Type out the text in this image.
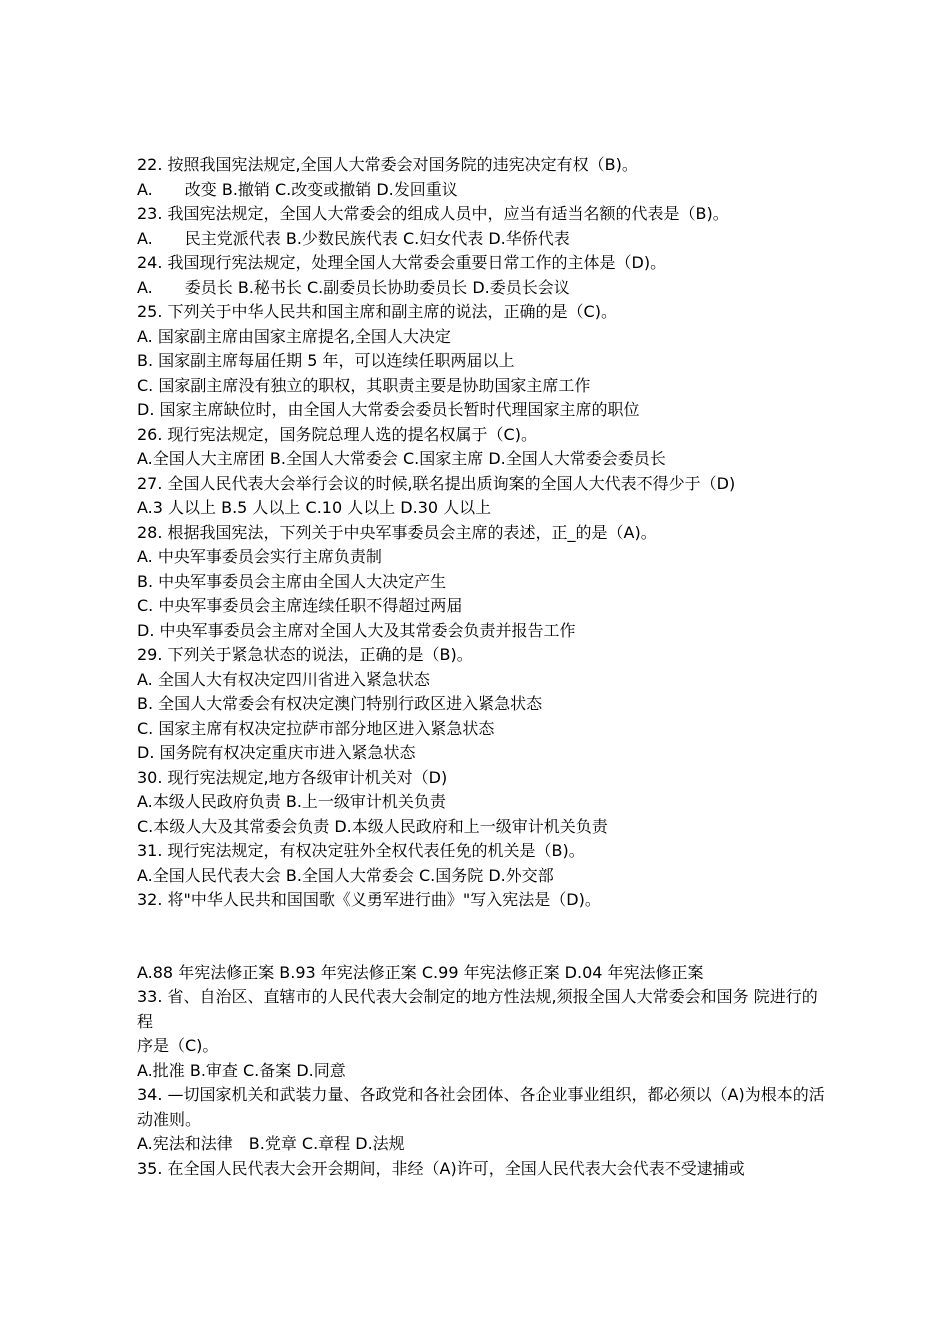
22. 按照我国宪法规定,全国人大常委会对国务院的违宪决定有权（B)。
A.　　改变 B.撤销 C.改变或撤销 D.发回重议
23. 我国宪法规定，全国人大常委会的组成人员中，应当有适当名额的代表是（B)。
A.　　民主党派代表 B.少数民族代表 C.妇女代表 D.华侨代表
24. 我国现行宪法规定，处理全国人大常委会重要日常工作的主体是（D)。
A.　　委员长 B.秘书长 C.副委员长协助委员长 D.委员长会议
25. 下列关于中华人民共和国主席和副主席的说法，正确的是（C)。
A. 国家副主席由国家主席提名,全国人大决定
B. 国家副主席每届任期 5 年，可以连续任职两届以上
C. 国家副主席没有独立的职权，其职责主要是协助国家主席工作
D. 国家主席缺位时，由全国人大常委会委员长暂时代理国家主席的职位
26. 现行宪法规定，国务院总理人选的提名权属于（C)。
A.全国人大主席团 B.全国人大常委会 C.国家主席 D.全国人大常委会委员长
27. 全国人民代表大会举行会议的时候,联名提出质询案的全国人大代表不得少于（D)
A.3 人以上 B.5 人以上 C.10 人以上 D.30 人以上
28. 根据我国宪法，下列关于中央军事委员会主席的表述，正_的是（A)。
A. 中央军事委员会实行主席负责制
B. 中央军事委员会主席由全国人大决定产生
C. 中央军事委员会主席连续任职不得超过两届
D. 中央军事委员会主席对全国人大及其常委会负责并报告工作
29. 下列关于紧急状态的说法，正确的是（B)。
A. 全国人大有权决定四川省进入紧急状态
B. 全国人大常委会有权决定澳门特别行政区进入紧急状态
C. 国家主席有权决定拉萨市部分地区进入紧急状态
D. 国务院有权决定重庆市进入紧急状态
30. 现行宪法规定,地方各级审计机关对（D)
A.本级人民政府负责 B.上一级审计机关负责
C.本级人大及其常委会负责 D.本级人民政府和上一级审计机关负责
31. 现行宪法规定，有权决定驻外全权代表任免的机关是（B)。
A.全国人民代表大会 B.全国人大常委会 C.国务院 D.外交部
32. 将"中华人民共和国国歌《义勇军进行曲》"写入宪法是（D)。
A.88 年宪法修正案 B.93 年宪法修正案 C.99 年宪法修正案 D.04 年宪法修正案
33. 省、自治区、直辖市的人民代表大会制定的地方性法规,须报全国人大常委会和国务 院进行的程
序是（C)。
A.批准 B.审查 C.备案 D.同意
34. —切国家机关和武装力量、各政党和各社会团体、各企业事业组织，都必须以（A)为根本的活
动准则。
A.宪法和法律　B.党章 C.章程 D.法规
35. 在全国人民代表大会开会期间，非经（A)许可，全国人民代表大会代表不受逮捕或
